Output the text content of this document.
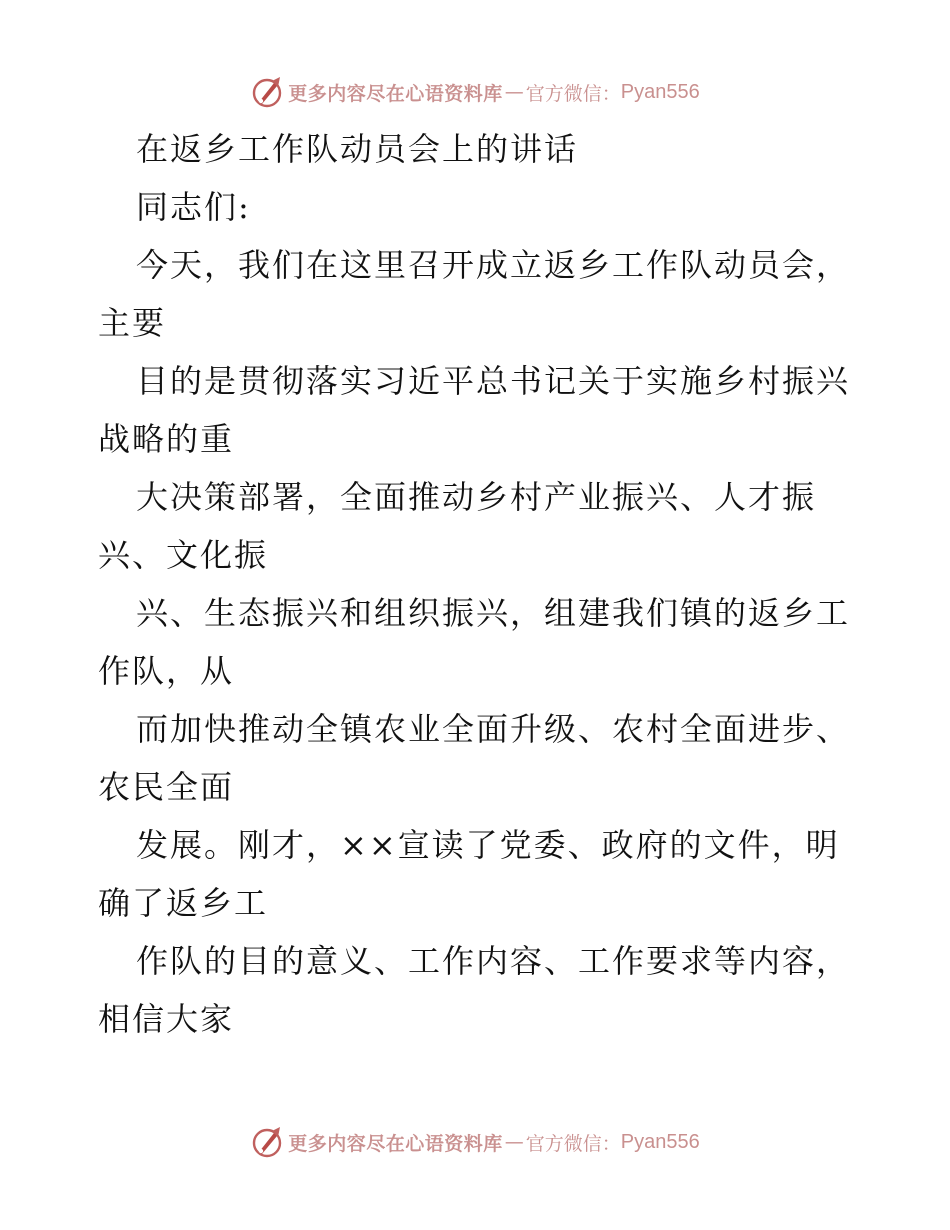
更多内容尽在心语资料库 — 官方微信： Pyan556
在返乡工作队动员会上的讲话
同志们:
今天，我们在这里召开成立返乡工作队动员会，
主要
目的是贯彻落实习近平总书记关于实施乡村振兴
战略的重
大决策部署，全面推动乡村产业振兴、人才振
兴、文化振
兴、生态振兴和组织振兴，组建我们镇的返乡工
作队，从
而加快推动全镇农业全面升级、农村全面进步、
农民全面
发展。刚才，××宣读了党委、政府的文件，明
确了返乡工
作队的目的意义、工作内容、工作要求等内容，
相信大家
更多内容尽在心语资料库 — 官方微信： Pyan556
